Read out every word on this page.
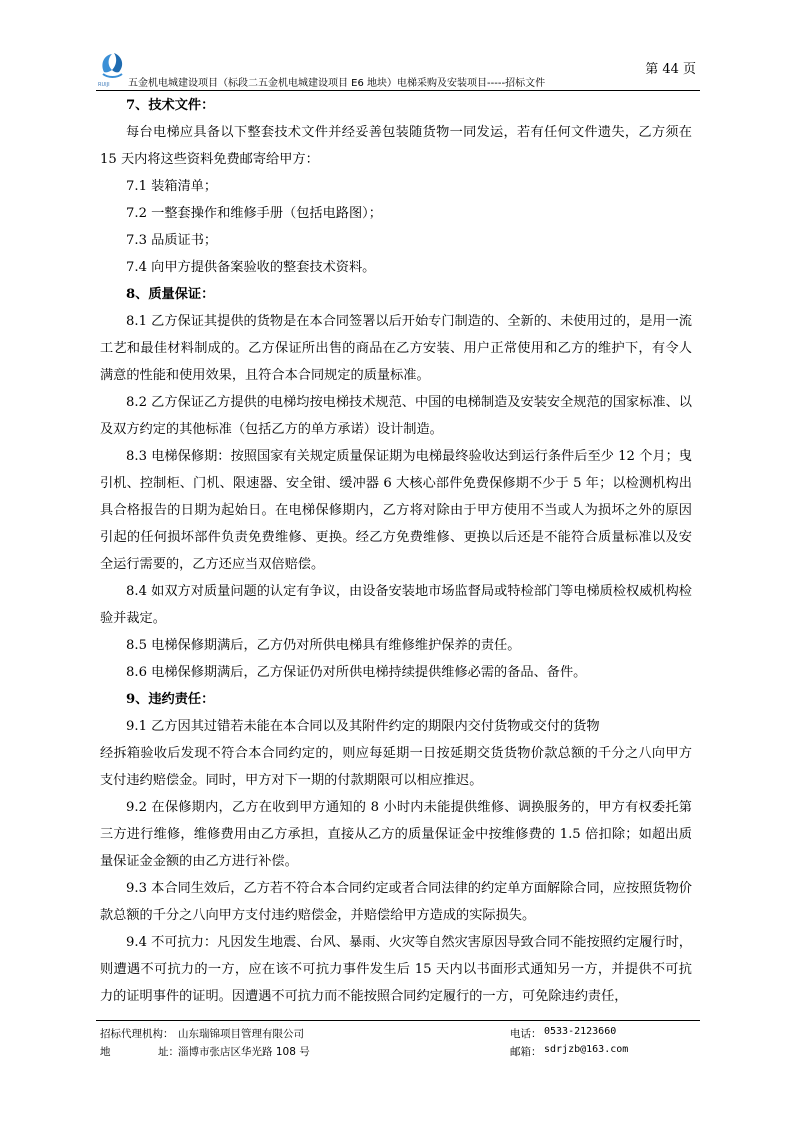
RUIJI
第 44 页
五金机电城建设项目（标段二五金机电城建设项目 E6 地块）电梯采购及安装项目-----招标文件

7、技术文件：

每台电梯应具备以下整套技术文件并经妥善包装随货物一同发运，若有任何文件遗失，乙方须在 15 天内将这些资料免费邮寄给甲方：

7.1 装箱清单；

7.2 一整套操作和维修手册（包括电路图）；

7.3 品质证书；

7.4 向甲方提供备案验收的整套技术资料。

8、质量保证：

8.1 乙方保证其提供的货物是在本合同签署以后开始专门制造的、全新的、未使用过的，是用一流工艺和最佳材料制成的。乙方保证所出售的商品在乙方安装、用户正常使用和乙方的维护下，有令人满意的性能和使用效果，且符合本合同规定的质量标准。

8.2 乙方保证乙方提供的电梯均按电梯技术规范、中国的电梯制造及安装安全规范的国家标准、以及双方约定的其他标准（包括乙方的单方承诺）设计制造。

8.3 电梯保修期：按照国家有关规定质量保证期为电梯最终验收达到运行条件后至少 12 个月；曳引机、控制柜、门机、限速器、安全钳、缓冲器 6 大核心部件免费保修期不少于 5 年；以检测机构出具合格报告的日期为起始日。在电梯保修期内，乙方将对除由于甲方使用不当或人为损坏之外的原因引起的任何损坏部件负责免费维修、更换。经乙方免费维修、更换以后还是不能符合质量标准以及安全运行需要的，乙方还应当双倍赔偿。

8.4 如双方对质量问题的认定有争议，由设备安装地市场监督局或特检部门等电梯质检权威机构检验并裁定。

8.5 电梯保修期满后，乙方仍对所供电梯具有维修维护保养的责任。

8.6 电梯保修期满后，乙方保证仍对所供电梯持续提供维修必需的备品、备件。

9、违约责任：

9.1 乙方因其过错若未能在本合同以及其附件约定的期限内交付货物或交付的货物

经拆箱验收后发现不符合本合同约定的，则应每延期一日按延期交货货物价款总额的千分之八向甲方支付违约赔偿金。同时，甲方对下一期的付款期限可以相应推迟。

9.2 在保修期内，乙方在收到甲方通知的 8 小时内未能提供维修、调换服务的，甲方有权委托第三方进行维修，维修费用由乙方承担，直接从乙方的质量保证金中按维修费的 1.5 倍扣除；如超出质量保证金金额的由乙方进行补偿。

9.3 本合同生效后，乙方若不符合本合同约定或者合同法律的约定单方面解除合同，应按照货物价款总额的千分之八向甲方支付违约赔偿金，并赔偿给甲方造成的实际损失。

9.4 不可抗力：凡因发生地震、台风、暴雨、火灾等自然灾害原因导致合同不能按照约定履行时，则遭遇不可抗力的一方，应在该不可抗力事件发生后 15 天内以书面形式通知另一方，并提供不可抗力的证明事件的证明。因遭遇不可抗力而不能按照合同约定履行的一方，可免除违约责任，

招标代理机构： 山东瑞锦项目管理有限公司
地	址： 淄博市张店区华光路 108 号
电话： 0533-2123660
邮箱： sdrjzb@163.com
